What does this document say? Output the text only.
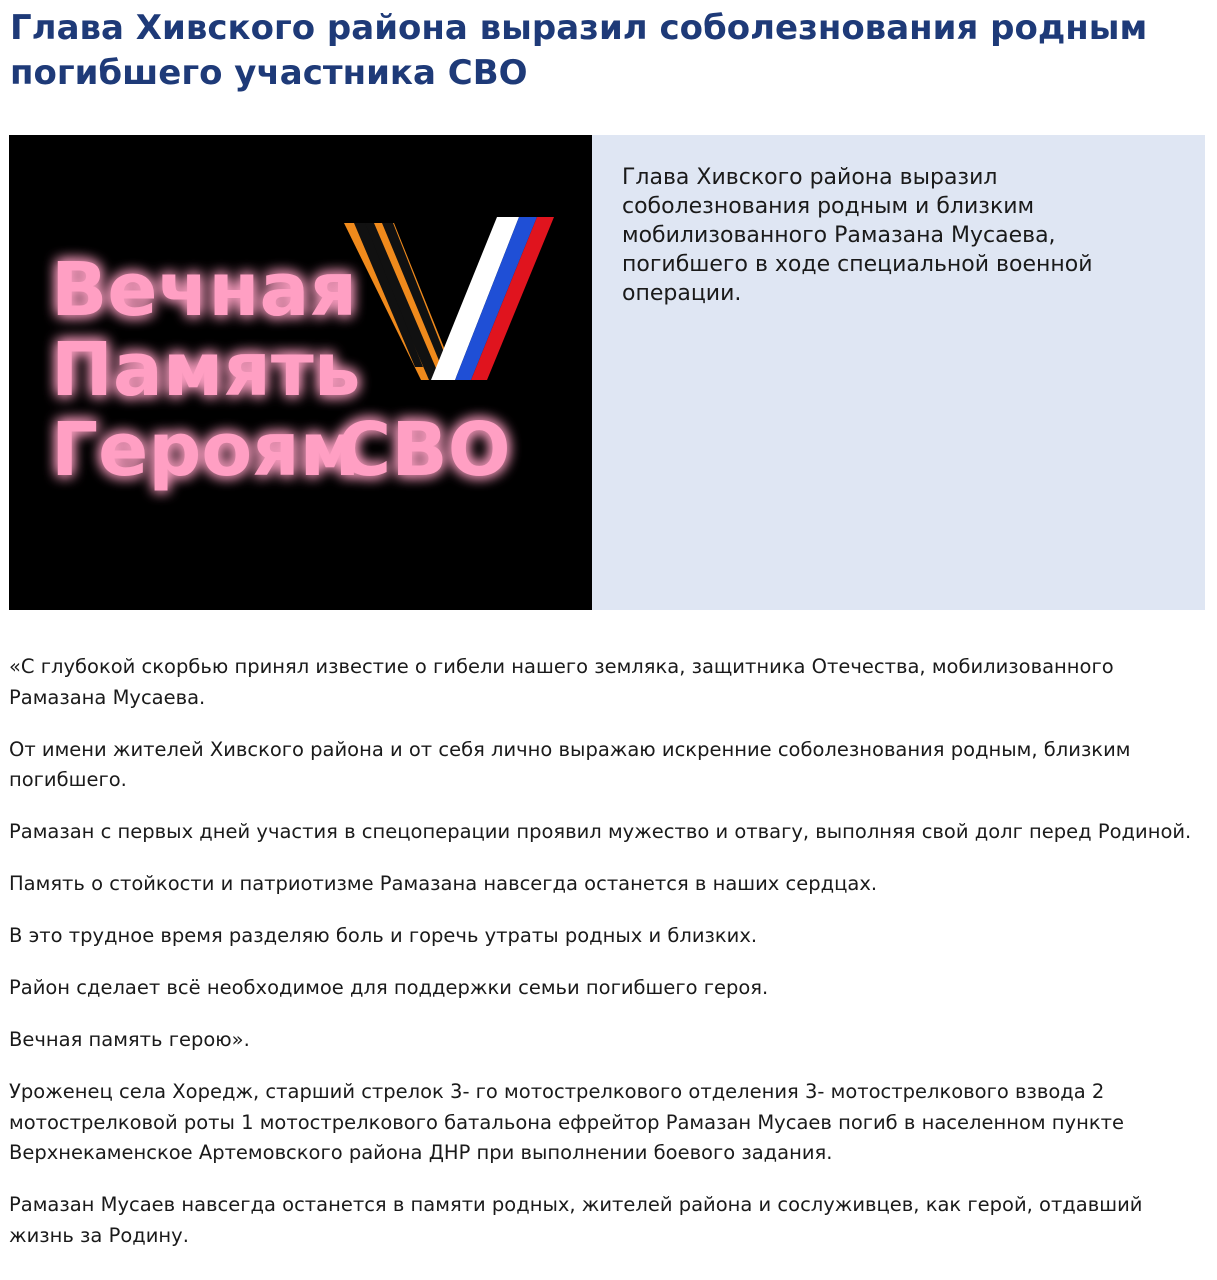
Глава Хивского района выразил соболезнования родным погибшего участника СВО
Вечная
Память
Героям
СВО
Глава Хивского района выразил соболезнования родным и близким мобилизованного Рамазана Мусаева, погибшего в ходе специальной военной операции.

«С глубокой скорбью принял известие о гибели нашего земляка, защитника Отечества, мобилизованного Рамазана Мусаева.

От имени жителей Хивского района и от себя лично выражаю искренние соболезнования родным, близким погибшего.

Рамазан с первых дней участия в спецоперации проявил мужество и отвагу, выполняя свой долг перед Родиной.

Память о стойкости и патриотизме Рамазана навсегда останется в наших сердцах.

В это трудное время разделяю боль и горечь утраты родных и близких.

Район сделает всё необходимое для поддержки семьи погибшего героя.

Вечная память герою».

Уроженец села Хоредж, старший стрелок 3- го мотострелкового отделения 3- мотострелкового взвода 2 мотострелковой роты 1 мотострелкового батальона ефрейтор Рамазан Мусаев погиб в населенном пункте Верхнекаменское Артемовского района ДНР при выполнении боевого задания.

Рамазан Мусаев навсегда останется в памяти родных, жителей района и сослуживцев, как герой, отдавший жизнь за Родину.
